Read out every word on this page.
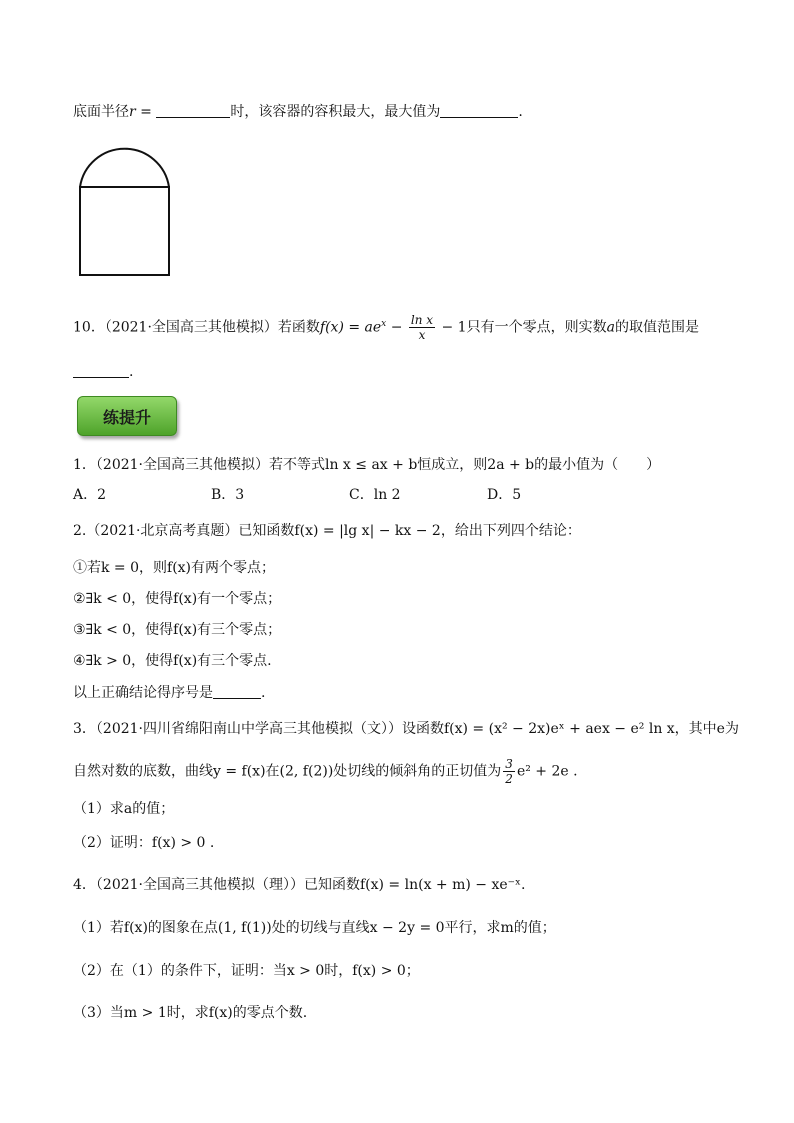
底面半径r =	时，该容器的容积最大，最大值为	.
10．（2021·全国高三其他模拟）若函数$f(x) = ae^x - \frac{\text{ln x}}{x} - 1$只有一个零点，则实数a的取值范围是
.
练提升
1．（2021·全国高三其他模拟）若不等式ln x ≤ ax + b恒成立，则2a + b的最小值为（　　）
A．2	B．3	C．ln 2	D．5
2.（2021·北京高考真题）已知函数f(x) = |lg x| − kx − 2，给出下列四个结论：
①若k = 0，则f(x)有两个零点；
②∃k < 0，使得f(x)有一个零点；
③∃k < 0，使得f(x)有三个零点；
④∃k > 0，使得f(x)有三个零点.
以上正确结论得序号是	.
3．（2021·四川省绵阳南山中学高三其他模拟（文））设函数f(x) = (x² − 2x)eˣ + aex − e² ln x，其中e为
自然对数的底数，曲线y = f(x)在(2, f(2))处切线的倾斜角的正切值为 $\frac{3}{2} e^2 + 2e$ .
（1）求a的值；
（2）证明：f(x) > 0 .
4．（2021·全国高三其他模拟（理））已知函数f(x) = ln(x + m) − xe⁻ˣ.
（1）若f(x)的图象在点(1, f(1))处的切线与直线x − 2y = 0平行，求m的值；
（2）在（1）的条件下，证明：当x > 0时，f(x) > 0；
（3）当m > 1时，求f(x)的零点个数.
